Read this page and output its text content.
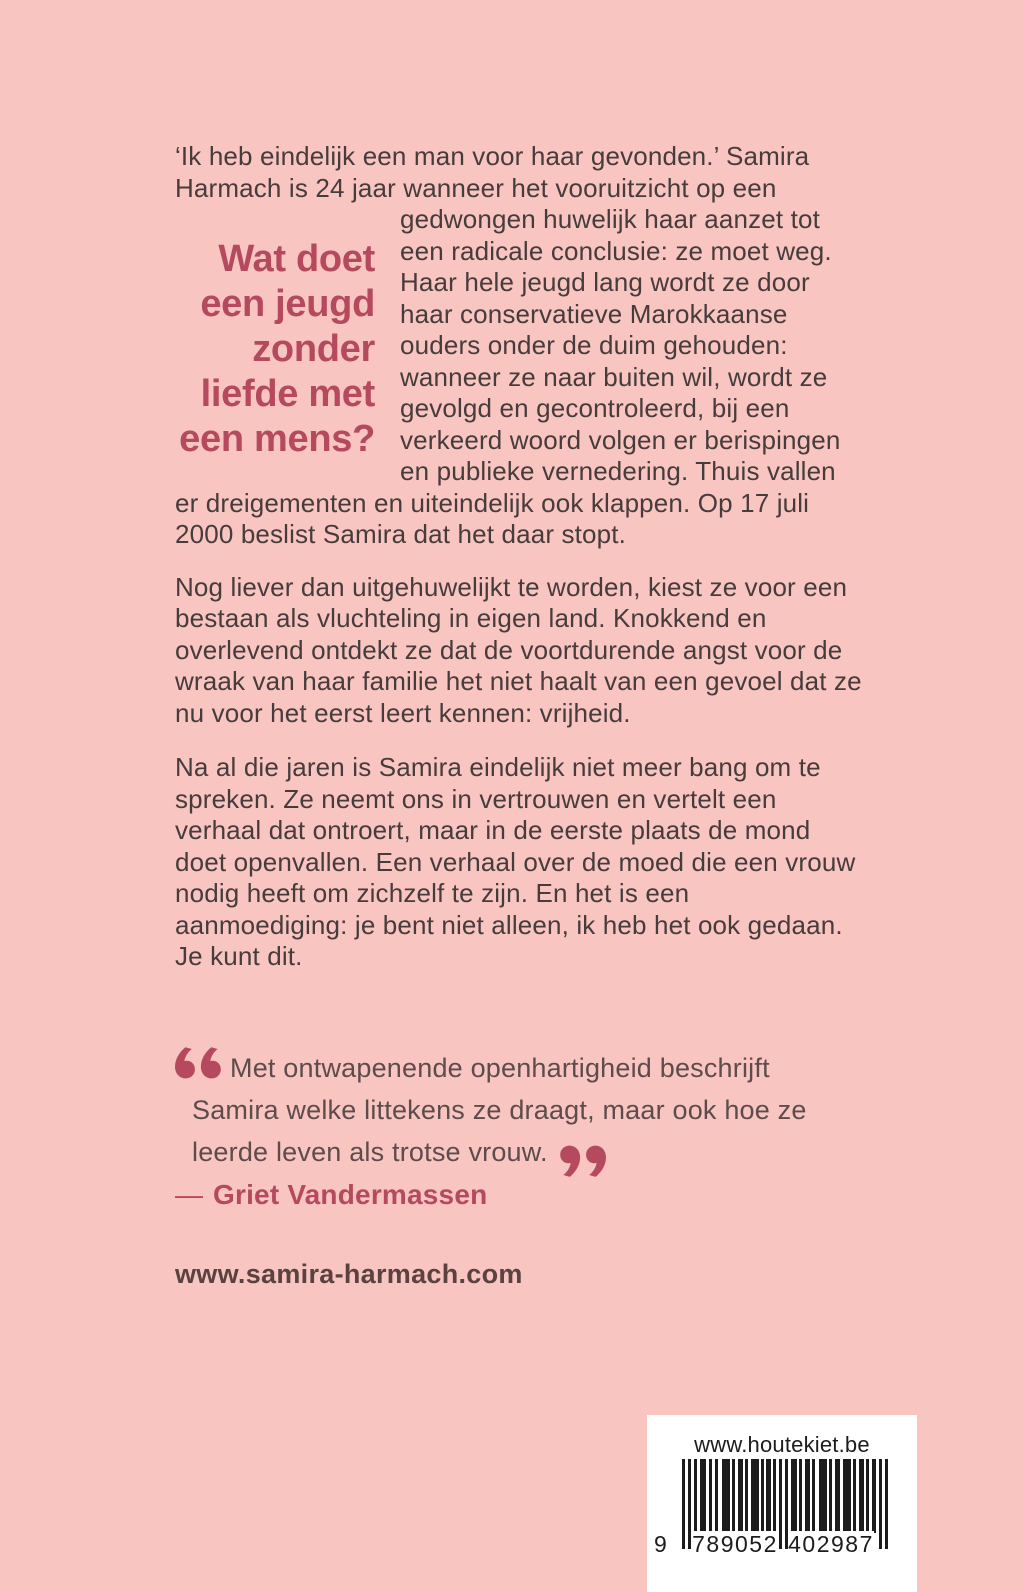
‘Ik heb eindelijk een man voor haar gevonden.’ Samira Harmach is 24 jaar wanneer het vooruitzicht op een

Wat doet een jeugd zonder liefde met een mens?

gedwongen huwelijk haar aanzet tot een radicale conclusie: ze moet weg. Haar hele jeugd lang wordt ze door haar conservatieve Marokkaanse ouders onder de duim gehouden: wanneer ze naar buiten wil, wordt ze gevolgd en gecontroleerd, bij een verkeerd woord volgen er berispingen en publieke vernedering. Thuis vallen

er dreigementen en uiteindelijk ook klappen. Op 17 juli 2000 beslist Samira dat het daar stopt.

Nog liever dan uitgehuwelijkt te worden, kiest ze voor een bestaan als vluchteling in eigen land. Knokkend en overlevend ontdekt ze dat de voortdurende angst voor de wraak van haar familie het niet haalt van een gevoel dat ze nu voor het eerst leert kennen: vrijheid.

Na al die jaren is Samira eindelijk niet meer bang om te spreken. Ze neemt ons in vertrouwen en vertelt een verhaal dat ontroert, maar in de eerste plaats de mond doet openvallen. Een verhaal over de moed die een vrouw nodig heeft om zichzelf te zijn. En het is een aanmoediging: je bent niet alleen, ik heb het ook gedaan. Je kunt dit.

Met ontwapenende openhartigheid beschrijft Samira welke littekens ze draagt, maar ook hoe ze leerde leven als trotse vrouw.
— Griet Vandermassen
www.samira-harmach.com
www.houtekiet.be
9 789052 402987
